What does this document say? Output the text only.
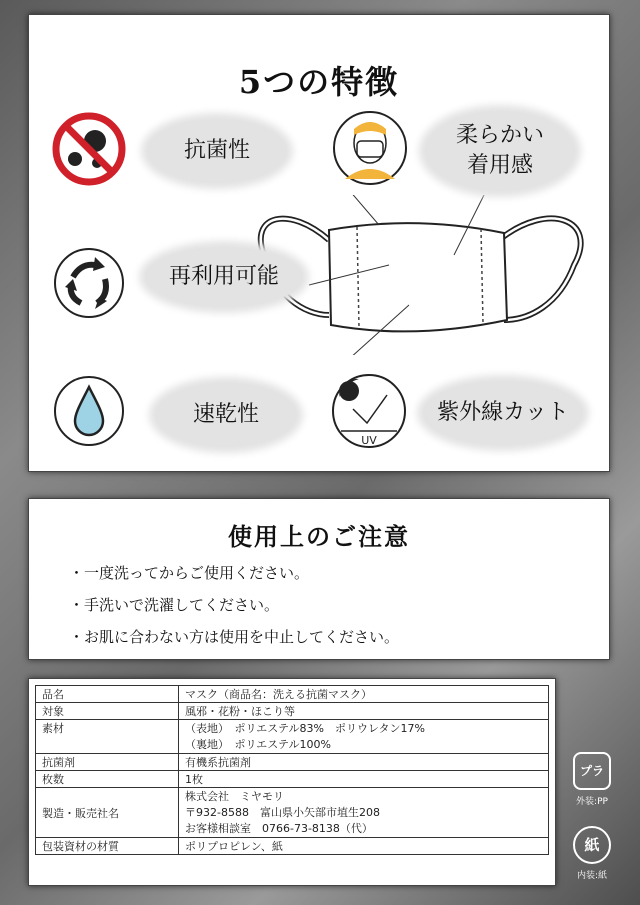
5つの特徴
抗菌性
柔らかい
着用感
再利用可能
速乾性
UV
紫外線カット
使用上のご注意
・一度洗ってからご使用ください。
・手洗いで洗濯してください。
・お肌に合わない方は使用を中止してください。
品名	マスク（商品名：洗える抗菌マスク）
対象	風邪・花粉・ほこり等
素材	（表地）　ポリエステル83%　ポリウレタン17%
（裏地）　ポリエステル100%
抗菌剤	有機系抗菌剤
枚数	1枚
製造・販売社名	株式会社　ミヤモリ
〒932-8588　富山県小矢部市埴生208
お客様相談室　0766-73-8138（代）
包装資材の材質	ポリプロピレン、紙
プラ
外装:PP
紙
内装:紙
